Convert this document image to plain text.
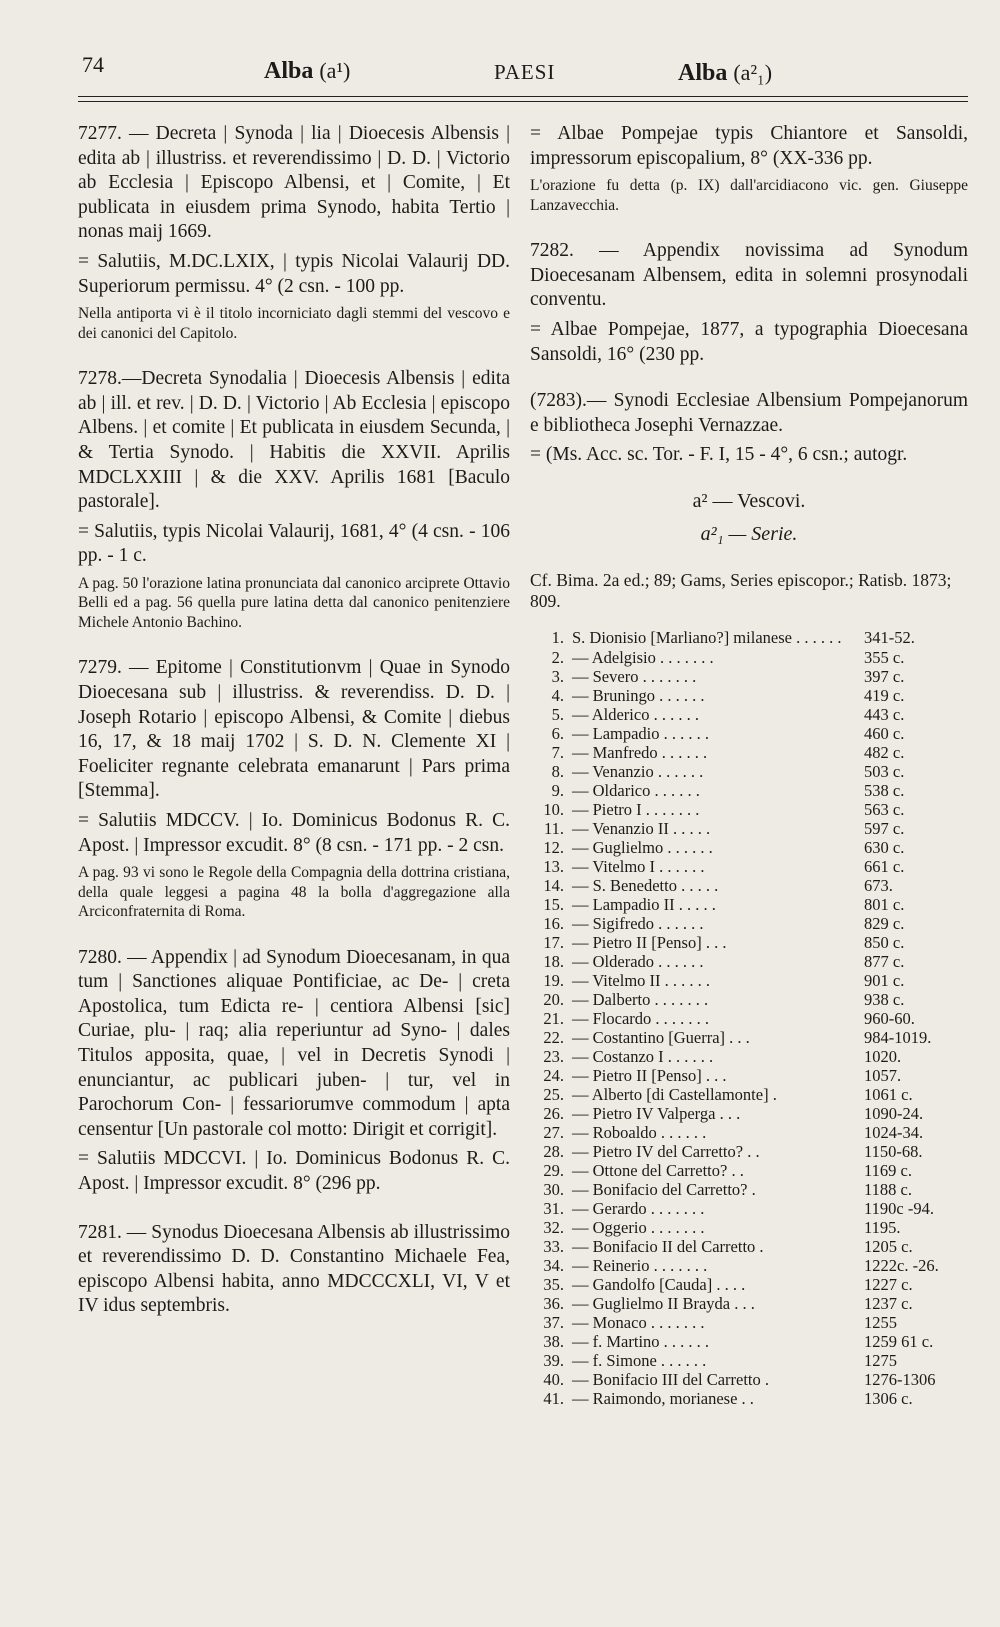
74	Alba (a¹)	PAESI	Alba (a²₁)

7277. — Decreta | Synoda | lia | Dioecesis Albensis | edita ab | illustriss. et reverendissimo | D. D. | Victorio ab Ecclesia | Episcopo Albensi, et | Comite, | Et publicata in eiusdem prima Synodo, habita Tertio | nonas maij 1669.

= Salutiis, M.DC.LXIX, | typis Nicolai Valaurij DD. Superiorum permissu. 4° (2 csn. - 100 pp.

Nella antiporta vi è il titolo incorniciato dagli stemmi del vescovo e dei canonici del Capitolo.

7278.—Decreta Synodalia | Dioecesis Albensis | edita ab | ill. et rev. | D. D. | Victorio | Ab Ecclesia | episcopo Albens. | et comite | Et publicata in eiusdem Secunda, | & Tertia Synodo. | Habitis die XXVII. Aprilis MDCLXXIII | & die XXV. Aprilis 1681 [Baculo pastorale].

= Salutiis, typis Nicolai Valaurij, 1681, 4° (4 csn. - 106 pp. - 1 c.

A pag. 50 l'orazione latina pronunciata dal canonico arciprete Ottavio Belli ed a pag. 56 quella pure latina detta dal canonico penitenziere Michele Antonio Bachino.

7279. — Epitome | Constitutionvm | Quae in Synodo Dioecesana sub | illustriss. & reverendiss. D. D. | Joseph Rotario | episcopo Albensi, & Comite | diebus 16, 17, & 18 maij 1702 | S. D. N. Clemente XI | Foeliciter regnante celebrata emanarunt | Pars prima [Stemma].

= Salutiis MDCCV. | Io. Dominicus Bodonus R. C. Apost. | Impressor excudit. 8° (8 csn. - 171 pp. - 2 csn.

A pag. 93 vi sono le Regole della Compagnia della dottrina cristiana, della quale leggesi a pagina 48 la bolla d'aggregazione alla Arciconfraternita di Roma.

7280. — Appendix | ad Synodum Dioecesanam, in qua tum | Sanctiones aliquae Pontificiae, ac De- | creta Apostolica, tum Edicta re- | centiora Albensi [sic] Curiae, plu- | raq; alia reperiuntur ad Syno- | dales Titulos apposita, quae, | vel in Decretis Synodi | enunciantur, ac publicari juben- | tur, vel in Parochorum Con- | fessariorumve commodum | apta censentur [Un pastorale col motto: Dirigit et corrigit].

= Salutiis MDCCVI. | Io. Dominicus Bodonus R. C. Apost. | Impressor excudit. 8° (296 pp.

7281. — Synodus Dioecesana Albensis ab illustrissimo et reverendissimo D. D. Constantino Michaele Fea, episcopo Albensi habita, anno MDCCCXLI, VI, V et IV idus septembris.

= Albae Pompejae typis Chiantore et Sansoldi, impressorum episcopalium, 8° (XX-336 pp.

L'orazione fu detta (p. IX) dall'arcidiacono vic. gen. Giuseppe Lanzavecchia.

7282. — Appendix novissima ad Synodum Dioecesanam Albensem, edita in solemni prosynodali conventu.

= Albae Pompejae, 1877, a typographia Dioecesana Sansoldi, 16° (230 pp.

(7283).— Synodi Ecclesiae Albensium Pompejanorum e bibliotheca Josephi Vernazzae.

= (Ms. Acc. sc. Tor. - F. I, 15 - 4°, 6 csn.; autogr.

a² — Vescovi.
a²₁ — Serie.

Cf. Bima. 2a ed.; 89; Gams, Series episcopor.; Ratisb. 1873; 809.

1. S. Dionisio [Marliano?] milanese . . . . . .	341-52.
2. — Adelgisio . . . . . . .	355 c.
3. — Severo . . . . . . .	397 c.
4. — Bruningo . . . . . .	419 c.
5. — Alderico . . . . . .	443 c.
6. — Lampadio . . . . . .	460 c.
7. — Manfredo . . . . . .	482 c.
8. — Venanzio . . . . . .	503 c.
9. — Oldarico . . . . . .	538 c.
10. — Pietro I . . . . . . .	563 c.
11. — Venanzio II . . . . .	597 c.
12. — Guglielmo . . . . . .	630 c.
13. — Vitelmo I . . . . . .	661 c.
14. — S. Benedetto . . . . .	673.
15. — Lampadio II . . . . .	801 c.
16. — Sigifredo . . . . . .	829 c.
17. — Pietro II [Penso] . . .	850 c.
18. — Olderado . . . . . .	877 c.
19. — Vitelmo II . . . . . .	901 c.
20. — Dalberto . . . . . . .	938 c.
21. — Flocardo . . . . . . .	960-60.
22. — Costantino [Guerra] . . .	984-1019.
23. — Costanzo I . . . . . .	1020.
24. — Pietro II [Penso] . . .	1057.
25. — Alberto [di Castellamonte] .	1061 c.
26. — Pietro IV Valperga . . .	1090-24.
27. — Roboaldo . . . . . .	1024-34.
28. — Pietro IV del Carretto? . .	1150-68.
29. — Ottone del Carretto? . .	1169 c.
30. — Bonifacio del Carretto? .	1188 c.
31. — Gerardo . . . . . . .	1190c -94.
32. — Oggerio . . . . . . .	1195.
33. — Bonifacio II del Carretto .	1205 c.
34. — Reinerio . . . . . . .	1222c. -26.
35. — Gandolfo [Cauda] . . . .	1227 c.
36. — Guglielmo II Brayda . . .	1237 c.
37. — Monaco . . . . . . .	1255
38. — f. Martino . . . . . .	1259 61 c.
39. — f. Simone . . . . . .	1275
40. — Bonifacio III del Carretto .	1276-1306
41. — Raimondo, morianese . .	1306 c.
